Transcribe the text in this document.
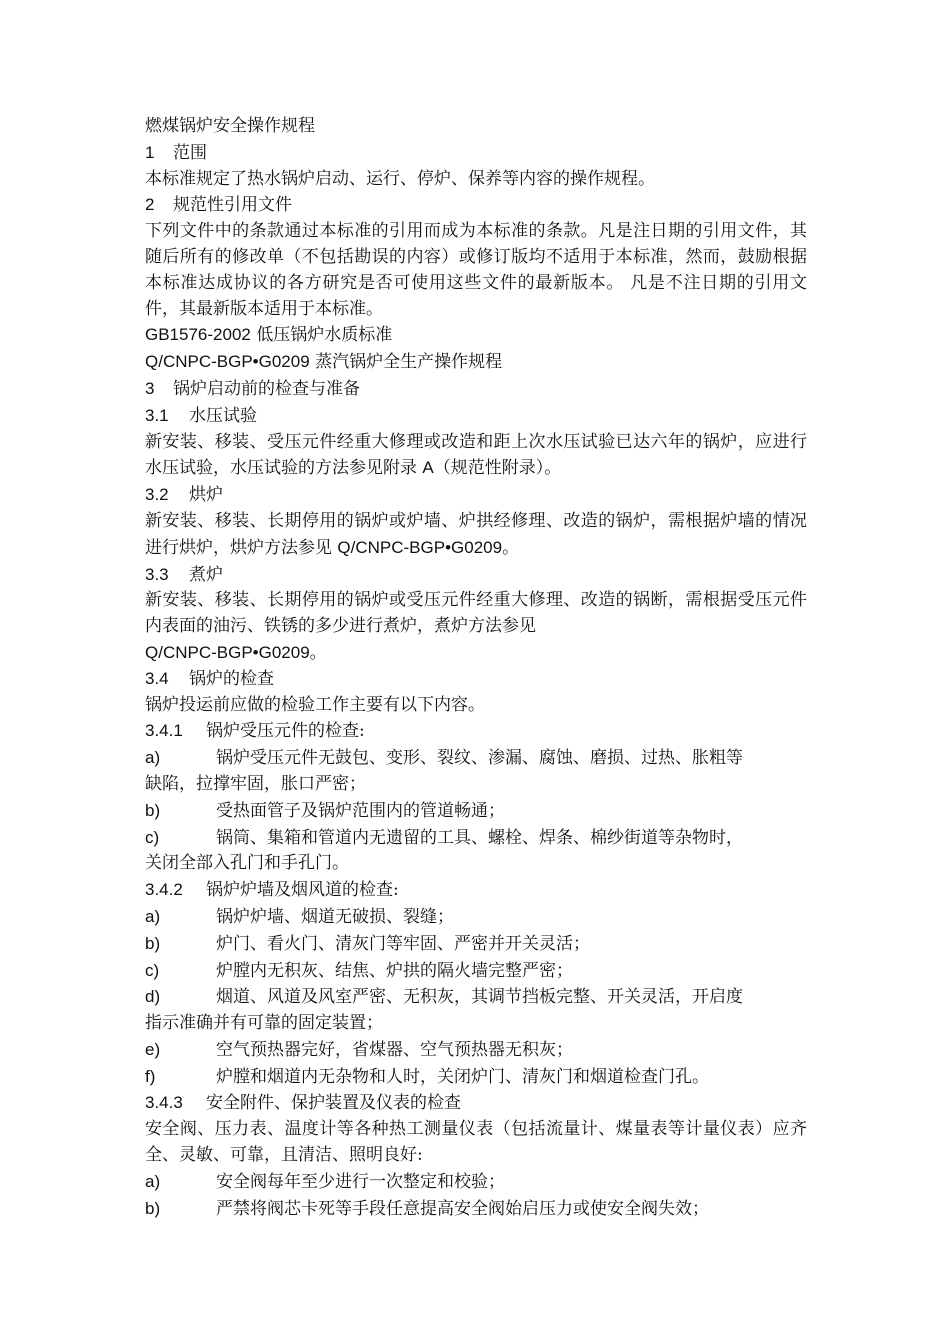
燃煤锅炉安全操作规程
1 范围
本标准规定了热水锅炉启动、运行、停炉、保养等内容的操作规程。
2 规范性引用文件
下列文件中的条款通过本标准的引用而成为本标准的条款。凡是注日期的引用文件，其随后所有的修改单（不包括勘误的内容）或修订版均不适用于本标准，然而，鼓励根据本标准达成协议的各方研究是否可使用这些文件的最新版本。 凡是不注日期的引用文件，其最新版本适用于本标准。
GB1576-2002 低压锅炉水质标准
Q/CNPC-BGP•G0209 蒸汽锅炉全生产操作规程
3 锅炉启动前的检查与准备
3.1 水压试验
新安装、移装、受压元件经重大修理或改造和距上次水压试验已达六年的锅炉，应进行水压试验，水压试验的方法参见附录 A（规范性附录）。
3.2 烘炉
新安装、移装、长期停用的锅炉或炉墙、炉拱经修理、改造的锅炉，需根据炉墙的情况进行烘炉，烘炉方法参见 Q/CNPC-BGP•G0209。
3.3 煮炉
新安装、移装、长期停用的锅炉或受压元件经重大修理、改造的锅断，需根据受压元件内表面的油污、铁锈的多少进行煮炉，煮炉方法参见
Q/CNPC-BGP•G0209。
3.4 锅炉的检查
锅炉投运前应做的检验工作主要有以下内容。
3.4.1 锅炉受压元件的检查:
a)	锅炉受压元件无鼓包、变形、裂纹、渗漏、腐蚀、磨损、过热、胀粗等
缺陷，拉撑牢固，胀口严密；
b)	受热面管子及锅炉范围内的管道畅通；
c)	锅筒、集箱和管道内无遗留的工具、螺栓、焊条、棉纱街道等杂物时，
关闭全部入孔门和手孔门。
3.4.2 锅炉炉墙及烟风道的检查:
a)	锅炉炉墙、烟道无破损、裂缝；
b)	炉门、看火门、清灰门等牢固、严密并开关灵活；
c)	炉膛内无积灰、结焦、炉拱的隔火墙完整严密；
d)	烟道、风道及风室严密、无积灰，其调节挡板完整、开关灵活，开启度
指示准确并有可靠的固定装置；
e)	空气预热器完好，省煤器、空气预热器无积灰；
f)	炉膛和烟道内无杂物和人时，关闭炉门、清灰门和烟道检查门孔。
3.4.3 安全附件、保护装置及仪表的检查
安全阀、压力表、温度计等各种热工测量仪表（包括流量计、煤量表等计量仪表）应齐全、灵敏、可靠，且清洁、照明良好:
a)	安全阀每年至少进行一次整定和校验；
b)	严禁将阀芯卡死等手段任意提高安全阀始启压力或使安全阀失效；
